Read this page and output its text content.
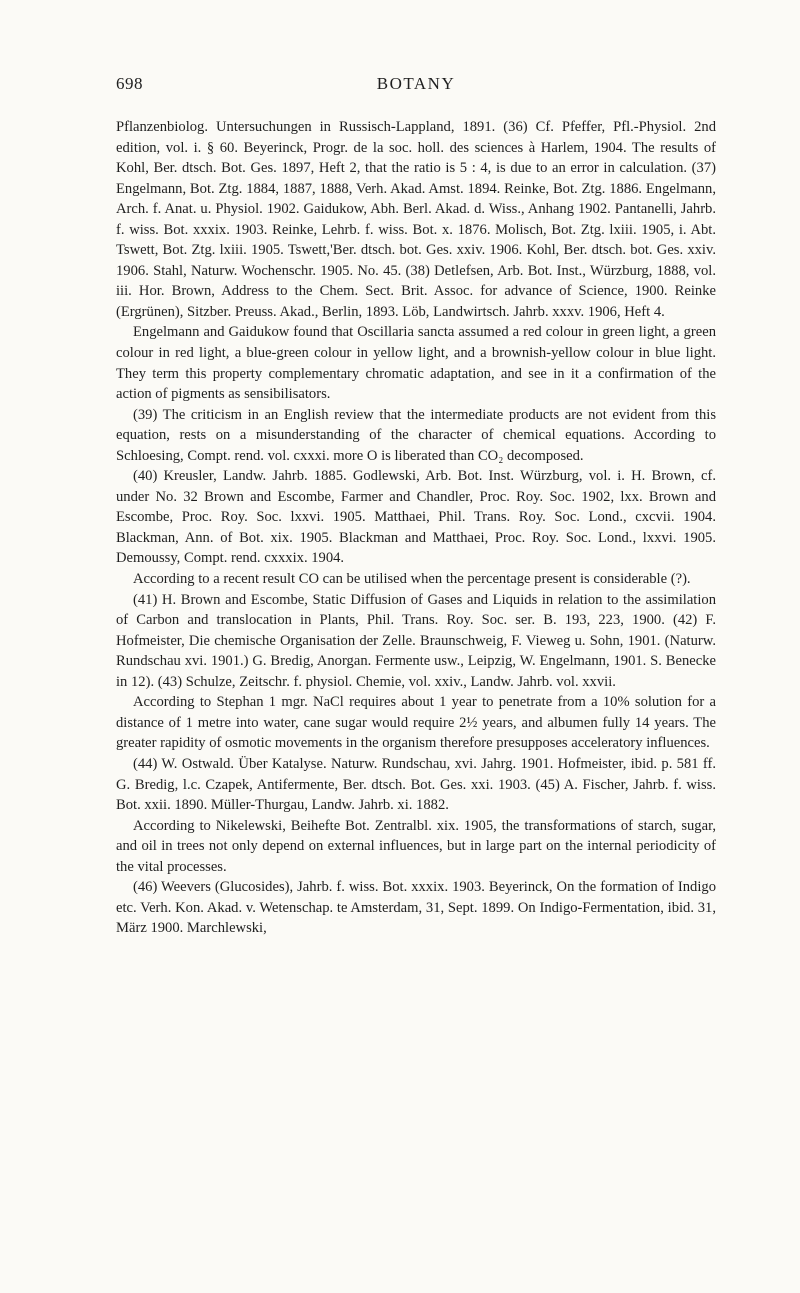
698	BOTANY

Pflanzenbiolog. Untersuchungen in Russisch-Lappland, 1891. (36) Cf. Pfeffer, Pfl.-Physiol. 2nd edition, vol. i. § 60. Beyerinck, Progr. de la soc. holl. des sciences à Harlem, 1904. The results of Kohl, Ber. dtsch. Bot. Ges. 1897, Heft 2, that the ratio is 5 : 4, is due to an error in calculation. (37) Engelmann, Bot. Ztg. 1884, 1887, 1888, Verh. Akad. Amst. 1894. Reinke, Bot. Ztg. 1886. Engelmann, Arch. f. Anat. u. Physiol. 1902. Gaidukow, Abh. Berl. Akad. d. Wiss., Anhang 1902. Pantanelli, Jahrb. f. wiss. Bot. xxxix. 1903. Reinke, Lehrb. f. wiss. Bot. x. 1876. Molisch, Bot. Ztg. lxiii. 1905, i. Abt. Tswett, Bot. Ztg. lxiii. 1905. Tswett,'Ber. dtsch. bot. Ges. xxiv. 1906. Kohl, Ber. dtsch. bot. Ges. xxiv. 1906. Stahl, Naturw. Wochenschr. 1905. No. 45. (38) Detlefsen, Arb. Bot. Inst., Würzburg, 1888, vol. iii. Hor. Brown, Address to the Chem. Sect. Brit. Assoc. for advance of Science, 1900. Reinke (Ergrünen), Sitzber. Preuss. Akad., Berlin, 1893. Löb, Landwirtsch. Jahrb. xxxv. 1906, Heft 4.

Engelmann and Gaidukow found that Oscillaria sancta assumed a red colour in green light, a green colour in red light, a blue-green colour in yellow light, and a brownish-yellow colour in blue light. They term this property complementary chromatic adaptation, and see in it a confirmation of the action of pigments as sensibilisators.

(39) The criticism in an English review that the intermediate products are not evident from this equation, rests on a misunderstanding of the character of chemical equations. According to Schloesing, Compt. rend. vol. cxxxi. more O is liberated than CO₂ decomposed.

(40) Kreusler, Landw. Jahrb. 1885. Godlewski, Arb. Bot. Inst. Würzburg, vol. i. H. Brown, cf. under No. 32 Brown and Escombe, Farmer and Chandler, Proc. Roy. Soc. 1902, lxx. Brown and Escombe, Proc. Roy. Soc. lxxvi. 1905. Matthaei, Phil. Trans. Roy. Soc. Lond., cxcvii. 1904. Blackman, Ann. of Bot. xix. 1905. Blackman and Matthaei, Proc. Roy. Soc. Lond., lxxvi. 1905. Demoussy, Compt. rend. cxxxix. 1904.

According to a recent result CO can be utilised when the percentage present is considerable (?).

(41) H. Brown and Escombe, Static Diffusion of Gases and Liquids in relation to the assimilation of Carbon and translocation in Plants, Phil. Trans. Roy. Soc. ser. B. 193, 223, 1900. (42) F. Hofmeister, Die chemische Organisation der Zelle. Braunschweig, F. Vieweg u. Sohn, 1901. (Naturw. Rundschau xvi. 1901.) G. Bredig, Anorgan. Fermente usw., Leipzig, W. Engelmann, 1901. S. Benecke in 12). (43) Schulze, Zeitschr. f. physiol. Chemie, vol. xxiv., Landw. Jahrb. vol. xxvii.

According to Stephan 1 mgr. NaCl requires about 1 year to penetrate from a 10% solution for a distance of 1 metre into water, cane sugar would require 2½ years, and albumen fully 14 years. The greater rapidity of osmotic movements in the organism therefore presupposes acceleratory influences.

(44) W. Ostwald. Über Katalyse. Naturw. Rundschau, xvi. Jahrg. 1901. Hofmeister, ibid. p. 581 ff. G. Bredig, l.c. Czapek, Antifermente, Ber. dtsch. Bot. Ges. xxi. 1903. (45) A. Fischer, Jahrb. f. wiss. Bot. xxii. 1890. Müller-Thurgau, Landw. Jahrb. xi. 1882.

According to Nikelewski, Beihefte Bot. Zentralbl. xix. 1905, the transformations of starch, sugar, and oil in trees not only depend on external influences, but in large part on the internal periodicity of the vital processes.

(46) Weevers (Glucosides), Jahrb. f. wiss. Bot. xxxix. 1903. Beyerinck, On the formation of Indigo etc. Verh. Kon. Akad. v. Wetenschap. te Amsterdam, 31, Sept. 1899. On Indigo-Fermentation, ibid. 31, März 1900. Marchlewski,
